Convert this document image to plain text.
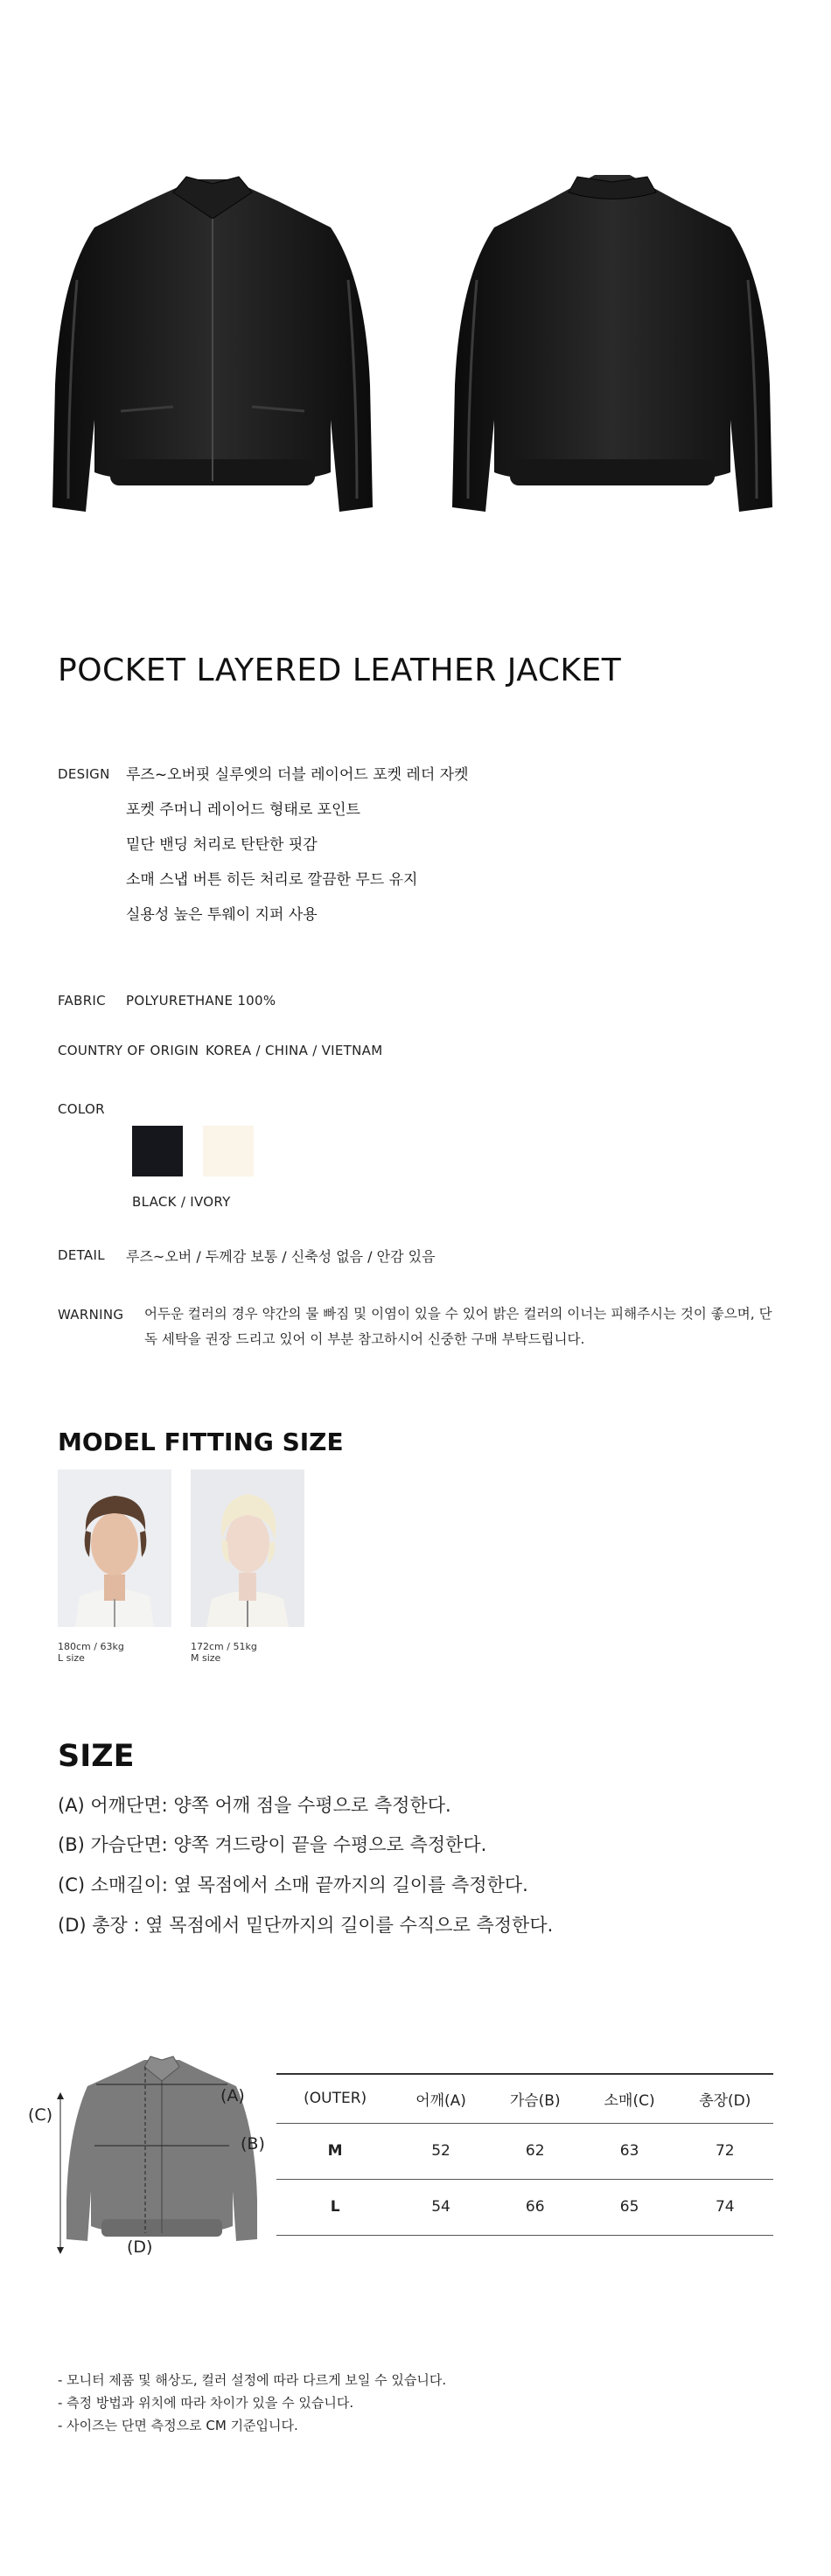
POCKET LAYERED LEATHER JACKET
DESIGN 루즈~오버핏 실루엣의 더블 레이어드 포켓 레더 자켓
포켓 주머니 레이어드 형태로 포인트
밑단 밴딩 처리로 탄탄한 핏감
소매 스냅 버튼 히든 처리로 깔끔한 무드 유지
실용성 높은 투웨이 지퍼 사용
FABRIC POLYURETHANE 100%
COUNTRY OF ORIGIN KOREA / CHINA / VIETNAM
COLOR
BLACK / IVORY
DETAIL 루즈~오버 / 두께감 보통 / 신축성 없음 / 안감 있음
WARNING 어두운 컬러의 경우 약간의 물 빠짐 및 이염이 있을 수 있어 밝은 컬러의 이너는 피해주시는 것이 좋으며, 단독 세탁을 권장 드리고 있어 이 부분 참고하시어 신중한 구매 부탁드립니다.
MODEL FITTING SIZE
180cm / 63kg
L size
172cm / 51kg
M size
SIZE
(A) 어깨단면: 양쪽 어깨 점을 수평으로 측정한다.
(B) 가슴단면: 양쪽 겨드랑이 끝을 수평으로 측정한다.
(C) 소매길이: 옆 목점에서 소매 끝까지의 길이를 측정한다.
(D) 총장 : 옆 목점에서 밑단까지의 길이를 수직으로 측정한다.
(A)
(B)
(C)
(D)
(OUTER)	어깨(A)	가슴(B)	소매(C)	총장(D)
M	52	62	63	72
L	54	66	65	74
- 모니터 제품 및 해상도, 컬러 설정에 따라 다르게 보일 수 있습니다.
- 측정 방법과 위치에 따라 차이가 있을 수 있습니다.
- 사이즈는 단면 측정으로 CM 기준입니다.
